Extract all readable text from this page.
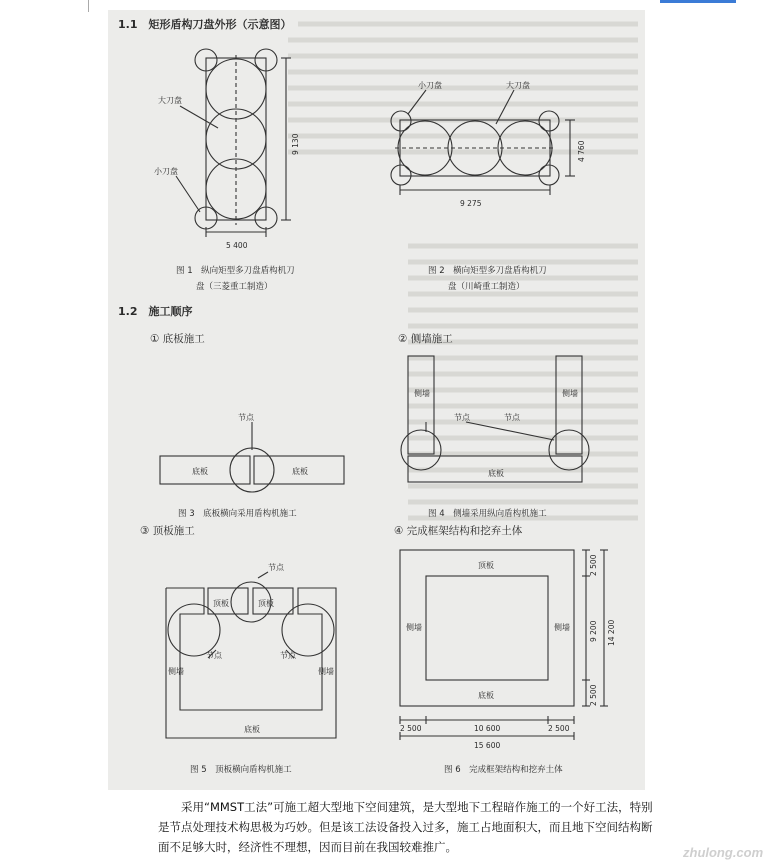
1.1　矩形盾构刀盘外形（示意图）
大刀盘
小刀盘
9 130
5 400
图 1　纵向矩型多刀盘盾构机刀
盘（三菱重工制造）
小刀盘	大刀盘
4 760
9 275
图 2　横向矩型多刀盘盾构机刀
盘（川崎重工制造）
1.2　施工顺序
① 底板施工	② 侧墙施工
节点
底板	底板
图 3　底板横向采用盾构机施工
侧墙	侧墙
节点	节点
底板
图 4　侧墙采用纵向盾构机施工
③ 顶板施工	④ 完成框架结构和挖弃土体
节点
顶板	顶板
节点	节点
侧墙	侧墙
底板
图 5　顶板横向盾构机施工
顶板
侧墙	侧墙
底板
2 500
9 200
2 500
14 200
2 500	10 600	2 500
15 600
图 6　完成框架结构和挖弃土体

采用“MMST工法”可施工超大型地下空间建筑，是大型地下工程暗作施工的一个好工法，特别是节点处理技术构思极为巧妙。但是该工法设备投入过多，施工占地面积大，而且地下空间结构断面不足够大时，经济性不理想，因而目前在我国较难推广。	zhulong.com
